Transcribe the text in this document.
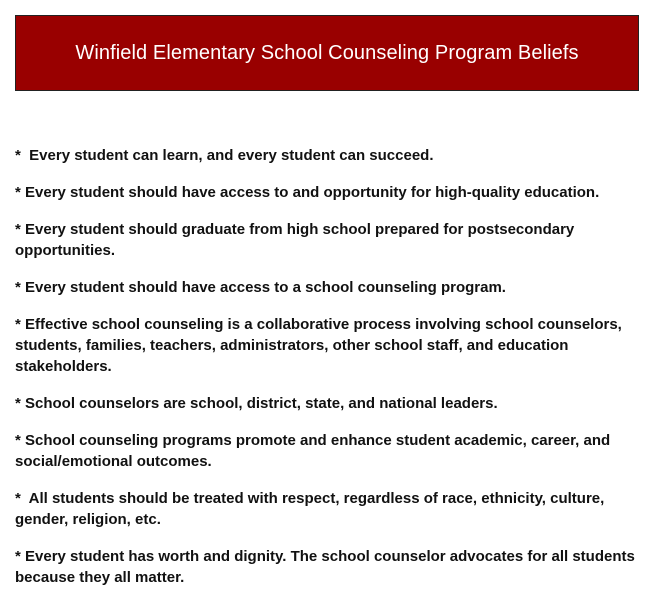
Winfield Elementary School Counseling Program Beliefs
*  Every student can learn, and every student can succeed.
* Every student should have access to and opportunity for high-quality education.
* Every student should graduate from high school prepared for postsecondary opportunities.
* Every student should have access to a school counseling program.
* Effective school counseling is a collaborative process involving school counselors, students, families, teachers, administrators, other school staff, and education stakeholders.
* School counselors are school, district, state, and national leaders.
* School counseling programs promote and enhance student academic, career, and social/emotional outcomes.
*  All students should be treated with respect, regardless of race, ethnicity, culture, gender, religion, etc.
* Every student has worth and dignity. The school counselor advocates for all students because they all matter.
